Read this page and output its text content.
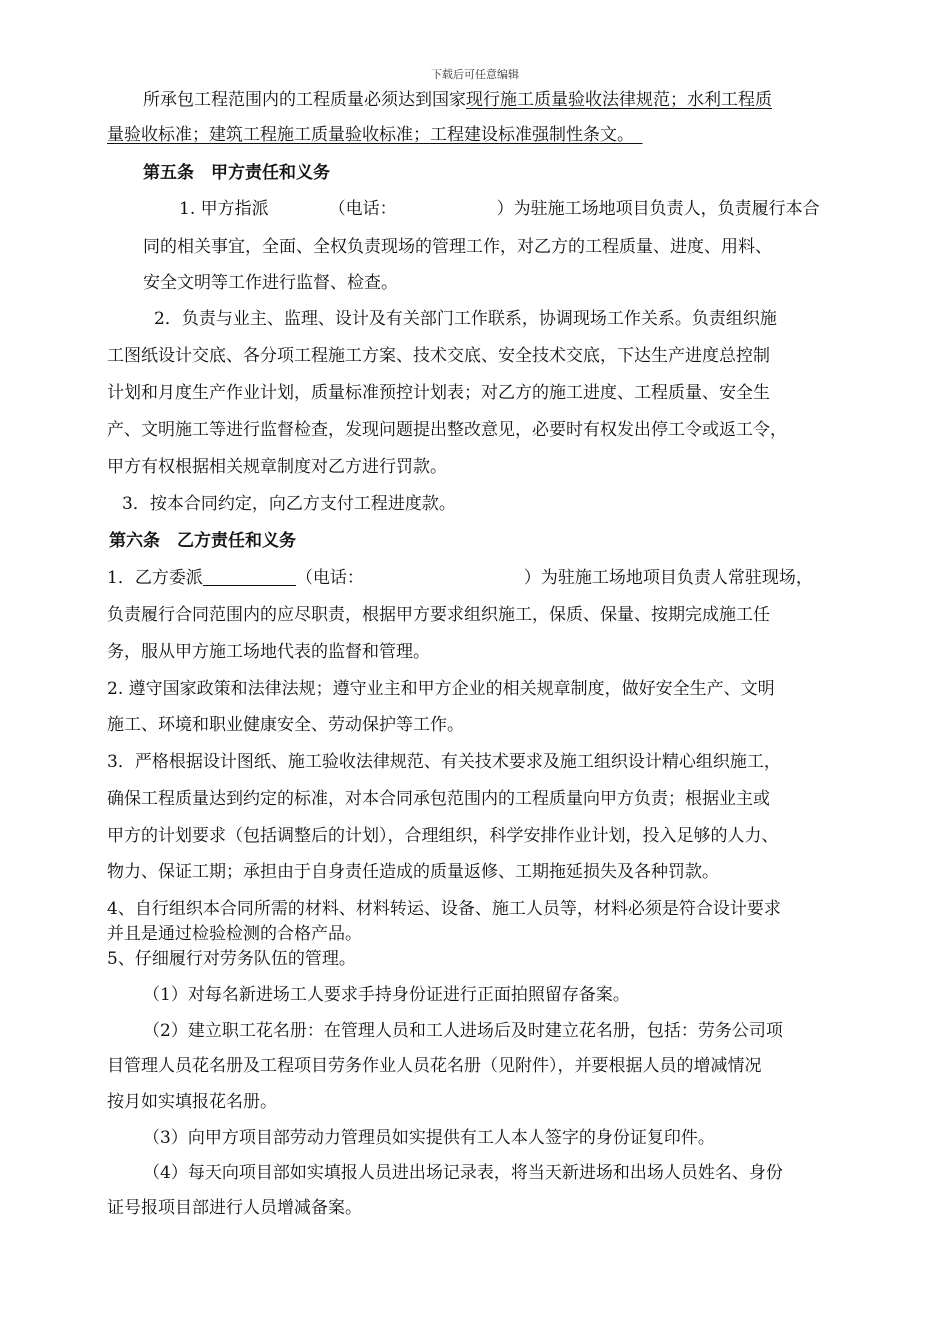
下载后可任意编辑
所承包工程范围内的工程质量必须达到国家现行施工质量验收法律规范；水利工程质
量验收标准；建筑工程施工质量验收标准；工程建设标准强制性条文。　
第五条　甲方责任和义务
1. 甲方指派	（电话：	）为驻施工场地项目负责人，负责履行本合
同的相关事宜，全面、全权负责现场的管理工作，对乙方的工程质量、进度、用料、
安全文明等工作进行监督、检查。
2．负责与业主、监理、设计及有关部门工作联系，协调现场工作关系。负责组织施
工图纸设计交底、各分项工程施工方案、技术交底、安全技术交底，下达生产进度总控制
计划和月度生产作业计划，质量标准预控计划表；对乙方的施工进度、工程质量、安全生
产、文明施工等进行监督检查，发现问题提出整改意见，必要时有权发出停工令或返工令，
甲方有权根据相关规章制度对乙方进行罚款。
3．按本合同约定，向乙方支付工程进度款。
第六条　乙方责任和义务
1．乙方委派	（电话：	）为驻施工场地项目负责人常驻现场，
负责履行合同范围内的应尽职责，根据甲方要求组织施工，保质、保量、按期完成施工任
务，服从甲方施工场地代表的监督和管理。
2. 遵守国家政策和法律法规；遵守业主和甲方企业的相关规章制度，做好安全生产、文明
施工、环境和职业健康安全、劳动保护等工作。
3．严格根据设计图纸、施工验收法律规范、有关技术要求及施工组织设计精心组织施工，
确保工程质量达到约定的标准，对本合同承包范围内的工程质量向甲方负责；根据业主或
甲方的计划要求（包括调整后的计划），合理组织，科学安排作业计划，投入足够的人力、
物力、保证工期；承担由于自身责任造成的质量返修、工期拖延损失及各种罚款。
4、自行组织本合同所需的材料、材料转运、设备、施工人员等，材料必须是符合设计要求
并且是通过检验检测的合格产品。
5、仔细履行对劳务队伍的管理。
（1）对每名新进场工人要求手持身份证进行正面拍照留存备案。
（2）建立职工花名册：在管理人员和工人进场后及时建立花名册，包括：劳务公司项
目管理人员花名册及工程项目劳务作业人员花名册（见附件），并要根据人员的增减情况
按月如实填报花名册。
（3）向甲方项目部劳动力管理员如实提供有工人本人签字的身份证复印件。
（4）每天向项目部如实填报人员进出场记录表，将当天新进场和出场人员姓名、身份
证号报项目部进行人员增减备案。
